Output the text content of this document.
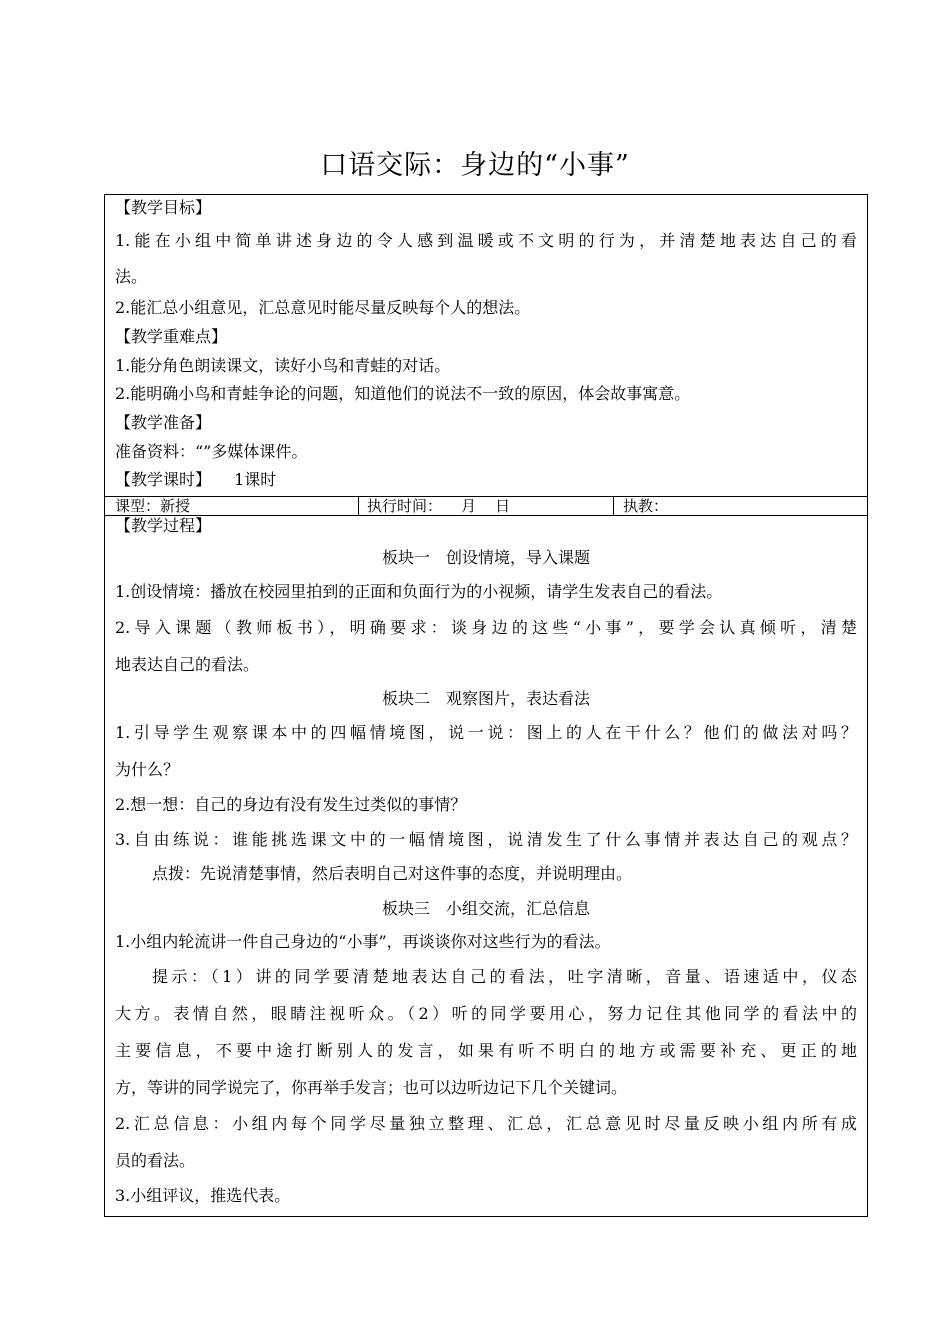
口语交际：身边的“小事”
【教学目标】
1.能在小组中简单讲述身边的令人感到温暖或不文明的行为，并清楚地表达自己的看
法。
2.能汇总小组意见，汇总意见时能尽量反映每个人的想法。
【教学重难点】
1.能分角色朗读课文，读好小鸟和青蛙的对话。
2.能明确小鸟和青蛙争论的问题，知道他们的说法不一致的原因，体会故事寓意。
【教学准备】
准备资料：“”多媒体课件。
【教学课时】 1课时
课型：新授	执行时间：    月    日	执教：
【教学过程】
板块一　创设情境，导入课题
1.创设情境：播放在校园里拍到的正面和负面行为的小视频，请学生发表自己的看法。
2.导入课题（教师板书），明确要求：谈身边的这些“小事”，要学会认真倾听，清楚
地表达自己的看法。
板块二　观察图片，表达看法
1.引导学生观察课本中的四幅情境图，说一说：图上的人在干什么？他们的做法对吗？
为什么？
2.想一想：自己的身边有没有发生过类似的事情？
3.自由练说：谁能挑选课文中的一幅情境图，说清发生了什么事情并表达自己的观点？
点拨：先说清楚事情，然后表明自己对这件事的态度，并说明理由。
板块三　小组交流，汇总信息
1.小组内轮流讲一件自己身边的“小事”，再谈谈你对这些行为的看法。
提示：（1）讲的同学要清楚地表达自己的看法，吐字清晰，音量、语速适中，仪态
大方。表情自然，眼睛注视听众。（2）听的同学要用心，努力记住其他同学的看法中的
主要信息，不要中途打断别人的发言，如果有听不明白的地方或需要补充、更正的地
方，等讲的同学说完了，你再举手发言；也可以边听边记下几个关键词。
2.汇总信息：小组内每个同学尽量独立整理、汇总，汇总意见时尽量反映小组内所有成
员的看法。
3.小组评议，推选代表。
